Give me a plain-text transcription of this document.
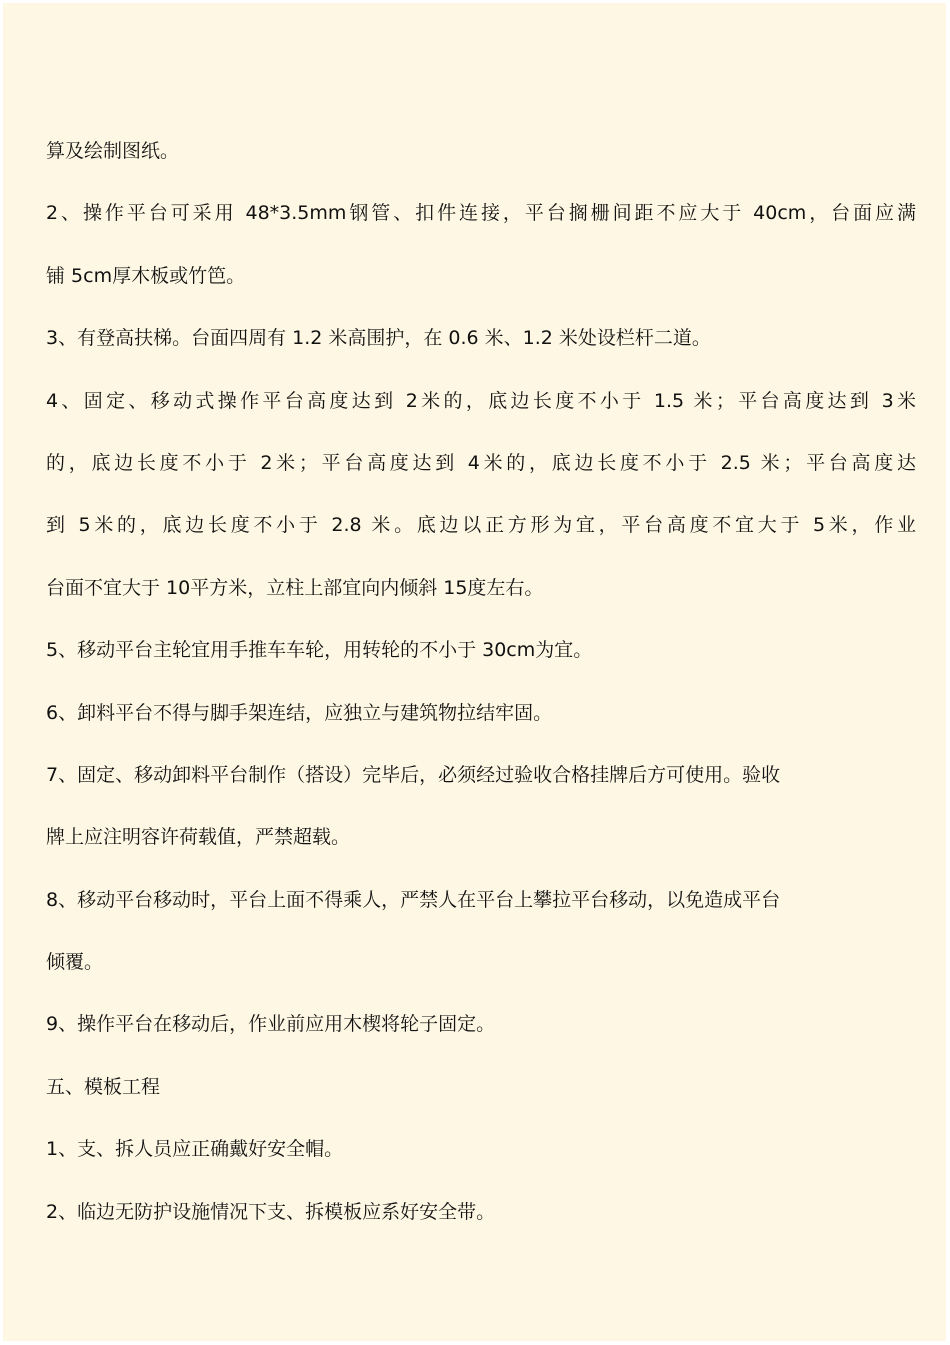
算及绘制图纸。
2、操作平台可采用 48*3.5mm钢管、扣件连接，平台搁栅间距不应大于 40cm，台面应满
铺 5cm厚木板或竹笆。
3、有登高扶梯。台面四周有 1.2 米高围护，在 0.6 米、1.2 米处设栏杆二道。
4、固定、移动式操作平台高度达到 2米的，底边长度不小于 1.5 米；平台高度达到 3米
的，底边长度不小于 2米；平台高度达到 4米的，底边长度不小于 2.5 米；平台高度达
到 5米的，底边长度不小于 2.8 米。底边以正方形为宜，平台高度不宜大于 5米，作业
台面不宜大于 10平方米，立柱上部宜向内倾斜 15度左右。
5、移动平台主轮宜用手推车车轮，用转轮的不小于 30cm为宜。
6、卸料平台不得与脚手架连结，应独立与建筑物拉结牢固。
7、固定、移动卸料平台制作（搭设）完毕后，必须经过验收合格挂牌后方可使用。验收
牌上应注明容许荷载值，严禁超载。
8、移动平台移动时，平台上面不得乘人，严禁人在平台上攀拉平台移动，以免造成平台
倾覆。
9、操作平台在移动后，作业前应用木楔将轮子固定。
五、模板工程
1、支、拆人员应正确戴好安全帽。
2、临边无防护设施情况下支、拆模板应系好安全带。
